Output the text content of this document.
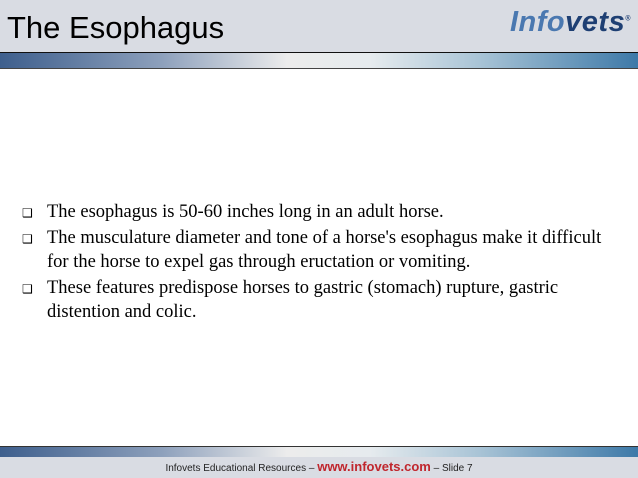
The Esophagus	Infovets®
❑ The esophagus is 50-60 inches long in an adult horse.
❑ The musculature diameter and tone of a horse's esophagus make it difficult for the horse to expel gas through eructation or vomiting.
❑ These features predispose horses to gastric (stomach) rupture, gastric distention and colic.
Infovets Educational Resources – www.infovets.com – Slide 7
